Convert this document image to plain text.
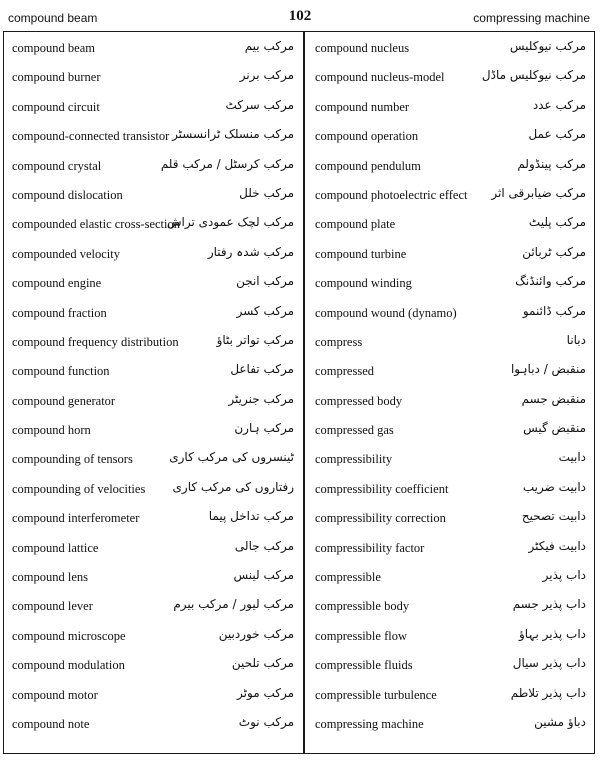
compound beam	102	compressing machine
compound beam	مرکب بیم
compound burner	مرکب برنر
compound circuit	مرکب سرکٹ
compound-connected transistor مرکب منسلک ٹرانسسٹر
compound crystal	مرکب کرسٹل / مرکب قلم
compound dislocation	مرکب خلل
compounded elastic cross-section
مرکب لچک عمودی تراش
compounded velocity	مرکب شدہ رفتار
compound engine	مرکب انجن
compound fraction	مرکب کسر
compound frequency distribution	مرکب تواتر بٹاؤ
compound function	مرکب تفاعل
compound generator	مرکب جنریٹر
compound horn	مرکب ہارن
compounding of tensors	ٹینسروں کی مرکب کاری
compounding of velocities رفتاروں کی مرکب کاری
compound interferometer	مرکب تداخل پیما
compound lattice	مرکب جالی
compound lens	مرکب لینس
compound lever	مرکب لیور / مرکب بیرم
compound microscope	مرکب خوردبین
compound modulation	مرکب تلحین
compound motor	مرکب موٹر
compound note	مرکب نوٹ
compound nucleus	مرکب نیوکلیس
compound nucleus-model	مرکب نیوکلیس ماڈل
compound number	مرکب عدد
compound operation	مرکب عمل
compound pendulum	مرکب پینڈولم
compound photoelectric effect مرکب ضیابرقی اثر
compound plate	مرکب پلیٹ
compound turbine	مرکب ٹربائن
compound winding	مرکب وائنڈنگ
compound wound (dynamo)	مرکب ڈائنمو
compress	دبانا
compressed	منقبض / دباہوا
compressed body	منقبض جسم
compressed gas	منقبض گیس
compressibility	دابیت
compressibility coefficient	دابیت ضریب
compressibility correction	دابیت تصحیح
compressibility factor	دابیت فیکٹر
compressible	داب پذیر
compressible body	داب پذیر جسم
compressible flow	داب پذیر بہاؤ
compressible fluids	داب پذیر سیال
compressible turbulence	داب پذیر تلاطم
compressing machine	دباؤ مشین
